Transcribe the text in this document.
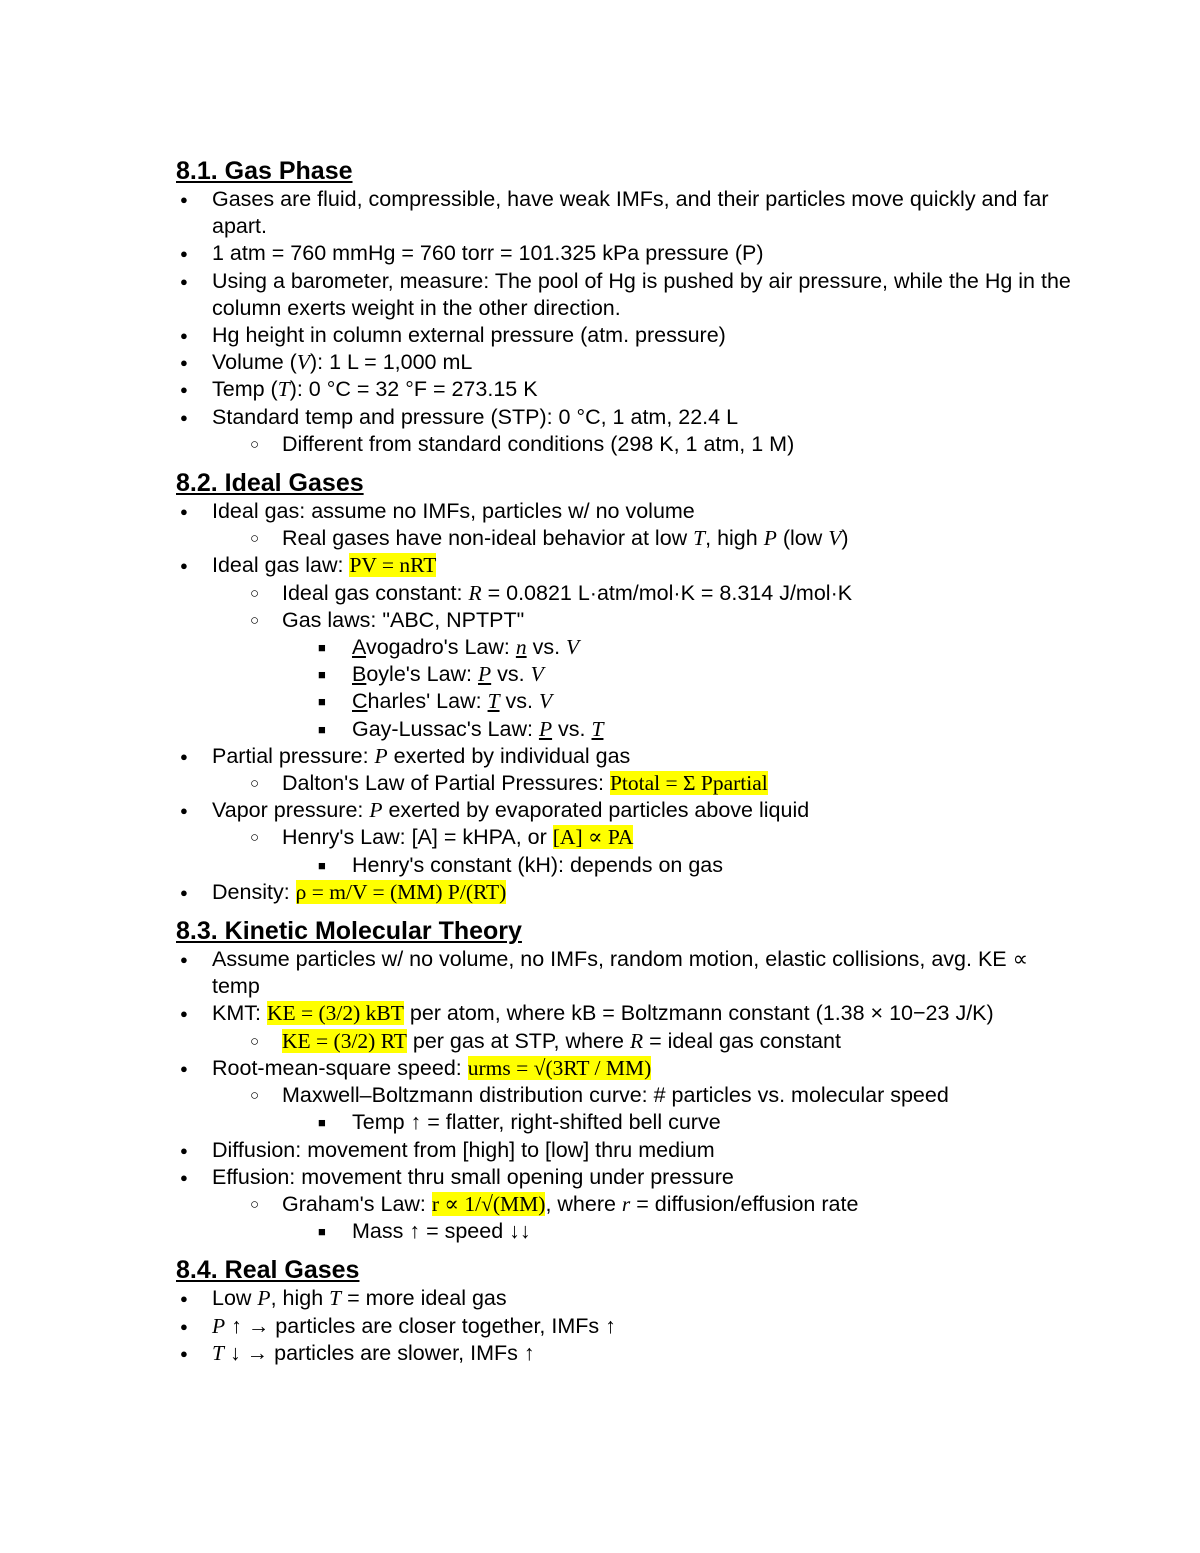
8.1. Gas Phase
● Gases are fluid, compressible, have weak IMFs, and their particles move quickly and far apart.
● 1 atm = 760 mmHg = 760 torr = 101.325 kPa pressure (P)
● Using a barometer, measure: The pool of Hg is pushed by air pressure, while the Hg in the column exerts weight in the other direction.
● Hg height in column external pressure (atm. pressure)
● Volume (V): 1 L = 1,000 mL
● Temp (T): 0 °C = 32 °F = 273.15 K
● Standard temp and pressure (STP): 0 °C, 1 atm, 22.4 L
○ Different from standard conditions (298 K, 1 atm, 1 M)
8.2. Ideal Gases
● Ideal gas: assume no IMFs, particles w/ no volume
○ Real gases have non-ideal behavior at low T, high P (low V)
● Ideal gas law: PV = nRT
○ Ideal gas constant: R = 0.0821 L·atm/mol·K = 8.314 J/mol·K
○ Gas laws: "ABC, NPTPT"
■ Avogadro's Law: n vs. V
■ Boyle's Law: P vs. V
■ Charles' Law: T vs. V
■ Gay-Lussac's Law: P vs. T
● Partial pressure: P exerted by individual gas
○ Dalton's Law of Partial Pressures: Ptotal = Σ Ppartial
● Vapor pressure: P exerted by evaporated particles above liquid
○ Henry's Law: [A] = kHPA, or [A] ∝ PA
■ Henry's constant (kH): depends on gas
● Density: ρ = m/V = (MM) P/(RT)
8.3. Kinetic Molecular Theory
● Assume particles w/ no volume, no IMFs, random motion, elastic collisions, avg. KE ∝ temp
● KMT: KE = (3/2) kBT per atom, where kB = Boltzmann constant (1.38 × 10−23 J/K)
○ KE = (3/2) RT per gas at STP, where R = ideal gas constant
● Root-mean-square speed: urms = √(3RT / MM)
○ Maxwell–Boltzmann distribution curve: # particles vs. molecular speed
■ Temp ↑ = flatter, right-shifted bell curve
● Diffusion: movement from [high] to [low] thru medium
● Effusion: movement thru small opening under pressure
○ Graham's Law: r ∝ 1/√(MM), where r = diffusion/effusion rate
■ Mass ↑ = speed ↓↓
8.4. Real Gases
● Low P, high T = more ideal gas
● P ↑ → particles are closer together, IMFs ↑
● T ↓ → particles are slower, IMFs ↑
